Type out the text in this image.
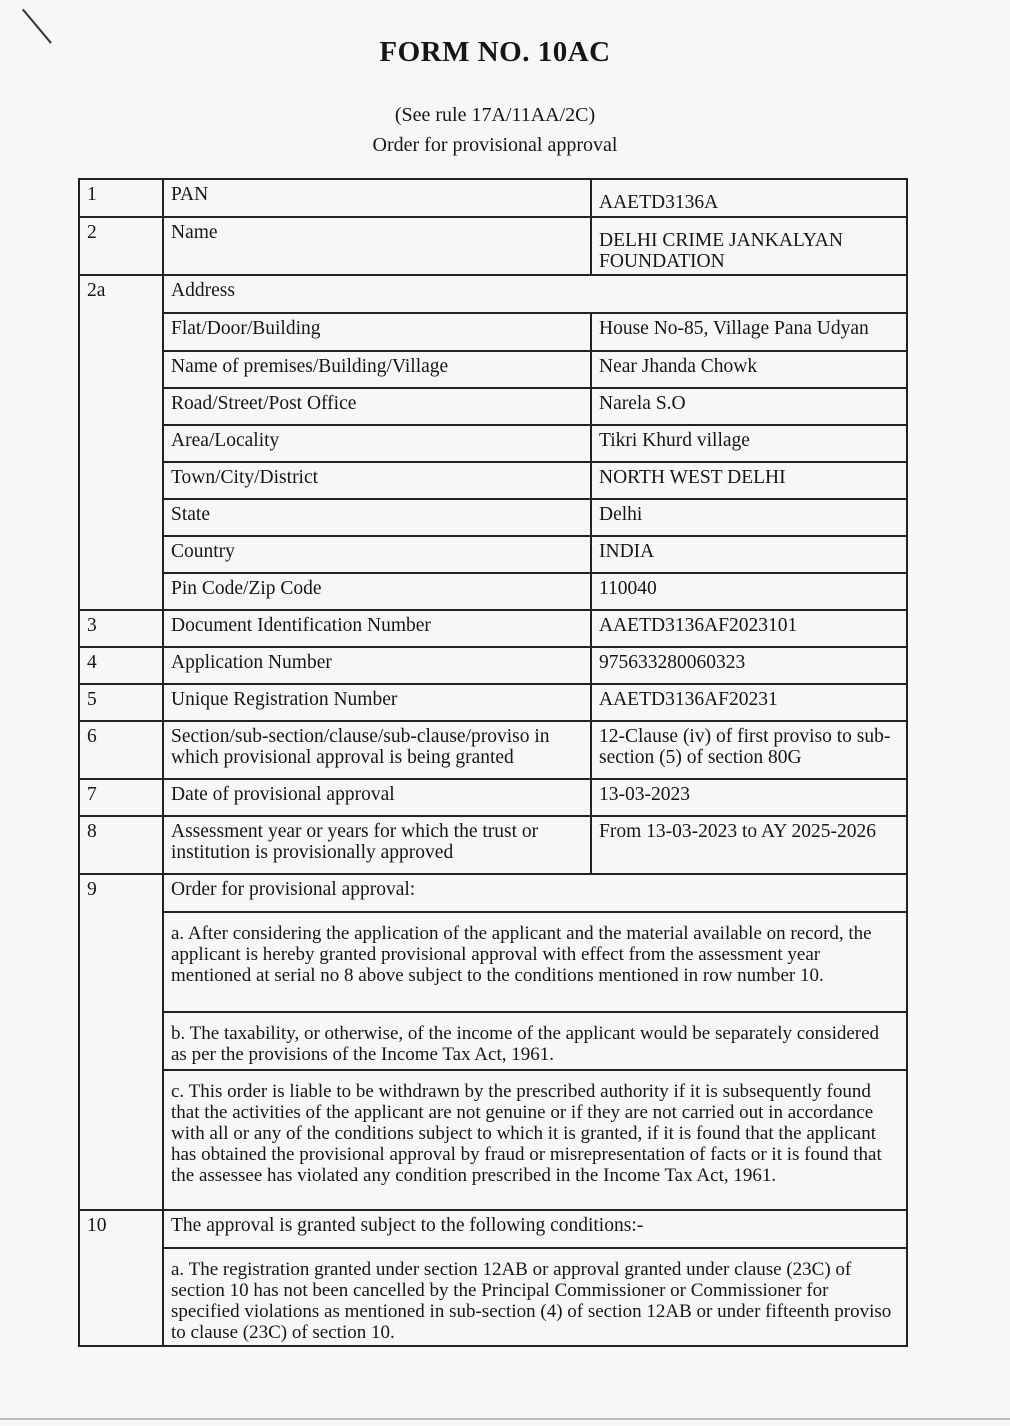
FORM NO. 10AC
(See rule 17A/11AA/2C)
Order for provisional approval
1	PAN	AAETD3136A
2	Name	DELHI CRIME JANKALYAN FOUNDATION
2a	Address	
	Flat/Door/Building	House No-85, Village Pana Udyan
	Name of premises/Building/Village	Near Jhanda Chowk
	Road/Street/Post Office	Narela S.O
	Area/Locality	Tikri Khurd village
	Town/City/District	NORTH WEST DELHI
	State	Delhi
	Country	INDIA
	Pin Code/Zip Code	110040
3	Document Identification Number	AAETD3136AF2023101
4	Application Number	975633280060323
5	Unique Registration Number	AAETD3136AF20231
6	Section/sub-section/clause/sub-clause/proviso in which provisional approval is being granted	12-Clause (iv) of first proviso to sub-section (5) of section 80G
7	Date of provisional approval	13-03-2023
8	Assessment year or years for which the trust or institution is provisionally approved	From 13-03-2023 to AY 2025-2026
9	Order for provisional approval:	
	a. After considering the application of the applicant and the material available on record, the applicant is hereby granted provisional approval with effect from the assessment year mentioned at serial no 8 above subject to the conditions mentioned in row number 10.	
	b. The taxability, or otherwise, of the income of the applicant would be separately considered as per the provisions of the Income Tax Act, 1961.	
	c. This order is liable to be withdrawn by the prescribed authority if it is subsequently found that the activities of the applicant are not genuine or if they are not carried out in accordance with all or any of the conditions subject to which it is granted, if it is found that the applicant has obtained the provisional approval by fraud or misrepresentation of facts or it is found that the assessee has violated any condition prescribed in the Income Tax Act, 1961.	
10	The approval is granted subject to the following conditions:-	
	a. The registration granted under section 12AB or approval granted under clause (23C) of section 10 has not been cancelled by the Principal Commissioner or Commissioner for specified violations as mentioned in sub-section (4) of section 12AB or under fifteenth proviso to clause (23C) of section 10.	
